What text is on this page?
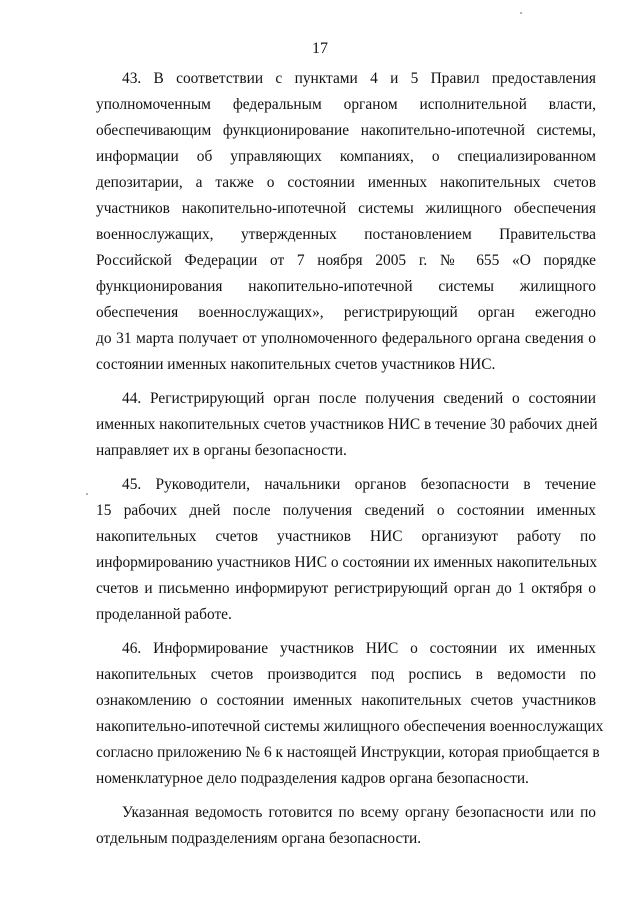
17

43. В соответствии с пунктами 4 и 5 Правил предоставления
уполномоченным федеральным органом исполнительной власти,
обеспечивающим функционирование накопительно-ипотечной системы,
информации об управляющих компаниях, о специализированном
депозитарии, а также о состоянии именных накопительных счетов
участников накопительно-ипотечной системы жилищного обеспечения
военнослужащих, утвержденных постановлением Правительства
Российской Федерации от 7 ноября 2005 г. № 655 «О порядке
функционирования накопительно-ипотечной системы жилищного
обеспечения военнослужащих», регистрирующий орган ежегодно
до 31 марта получает от уполномоченного федерального органа сведения о
состоянии именных накопительных счетов участников НИС.

44. Регистрирующий орган после получения сведений о состоянии
именных накопительных счетов участников НИС в течение 30 рабочих дней
направляет их в органы безопасности.

45. Руководители, начальники органов безопасности в течение
15 рабочих дней после получения сведений о состоянии именных
накопительных счетов участников НИС организуют работу по
информированию участников НИС о состоянии их именных накопительных
счетов и письменно информируют регистрирующий орган до 1 октября о
проделанной работе.

46. Информирование участников НИС о состоянии их именных
накопительных счетов производится под роспись в ведомости по
ознакомлению о состоянии именных накопительных счетов участников
накопительно-ипотечной системы жилищного обеспечения военнослужащих
согласно приложению № 6 к настоящей Инструкции, которая приобщается в
номенклатурное дело подразделения кадров органа безопасности.

Указанная ведомость готовится по всему органу безопасности или по
отдельным подразделениям органа безопасности.
